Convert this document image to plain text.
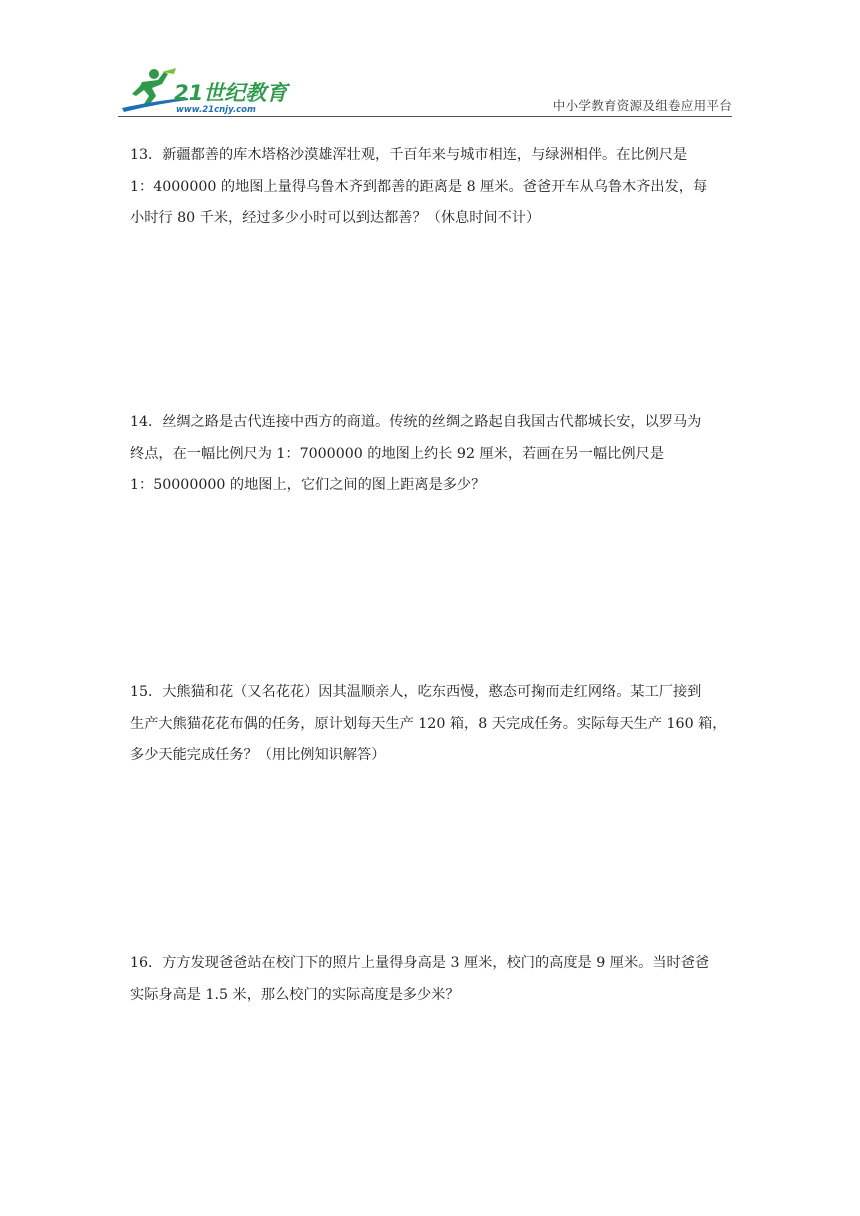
21世纪教育
www.21cnjy.com	中小学教育资源及组卷应用平台

13．新疆都善的库木塔格沙漠雄浑壮观，千百年来与城市相连，与绿洲相伴。在比例尺是

1：4000000 的地图上量得乌鲁木齐到都善的距离是 8 厘米。爸爸开车从乌鲁木齐出发，每

小时行 80 千米，经过多少小时可以到达都善？（休息时间不计）

14．丝绸之路是古代连接中西方的商道。传统的丝绸之路起自我国古代都城长安，以罗马为

终点，在一幅比例尺为 1：7000000 的地图上约长 92 厘米，若画在另一幅比例尺是

1：50000000 的地图上，它们之间的图上距离是多少？

15．大熊猫和花（又名花花）因其温顺亲人，吃东西慢，憨态可掬而走红网络。某工厂接到

生产大熊猫花花布偶的任务，原计划每天生产 120 箱，8 天完成任务。实际每天生产 160 箱，

多少天能完成任务？（用比例知识解答）

16．方方发现爸爸站在校门下的照片上量得身高是 3 厘米，校门的高度是 9 厘米。当时爸爸

实际身高是 1.5 米，那么校门的实际高度是多少米？
